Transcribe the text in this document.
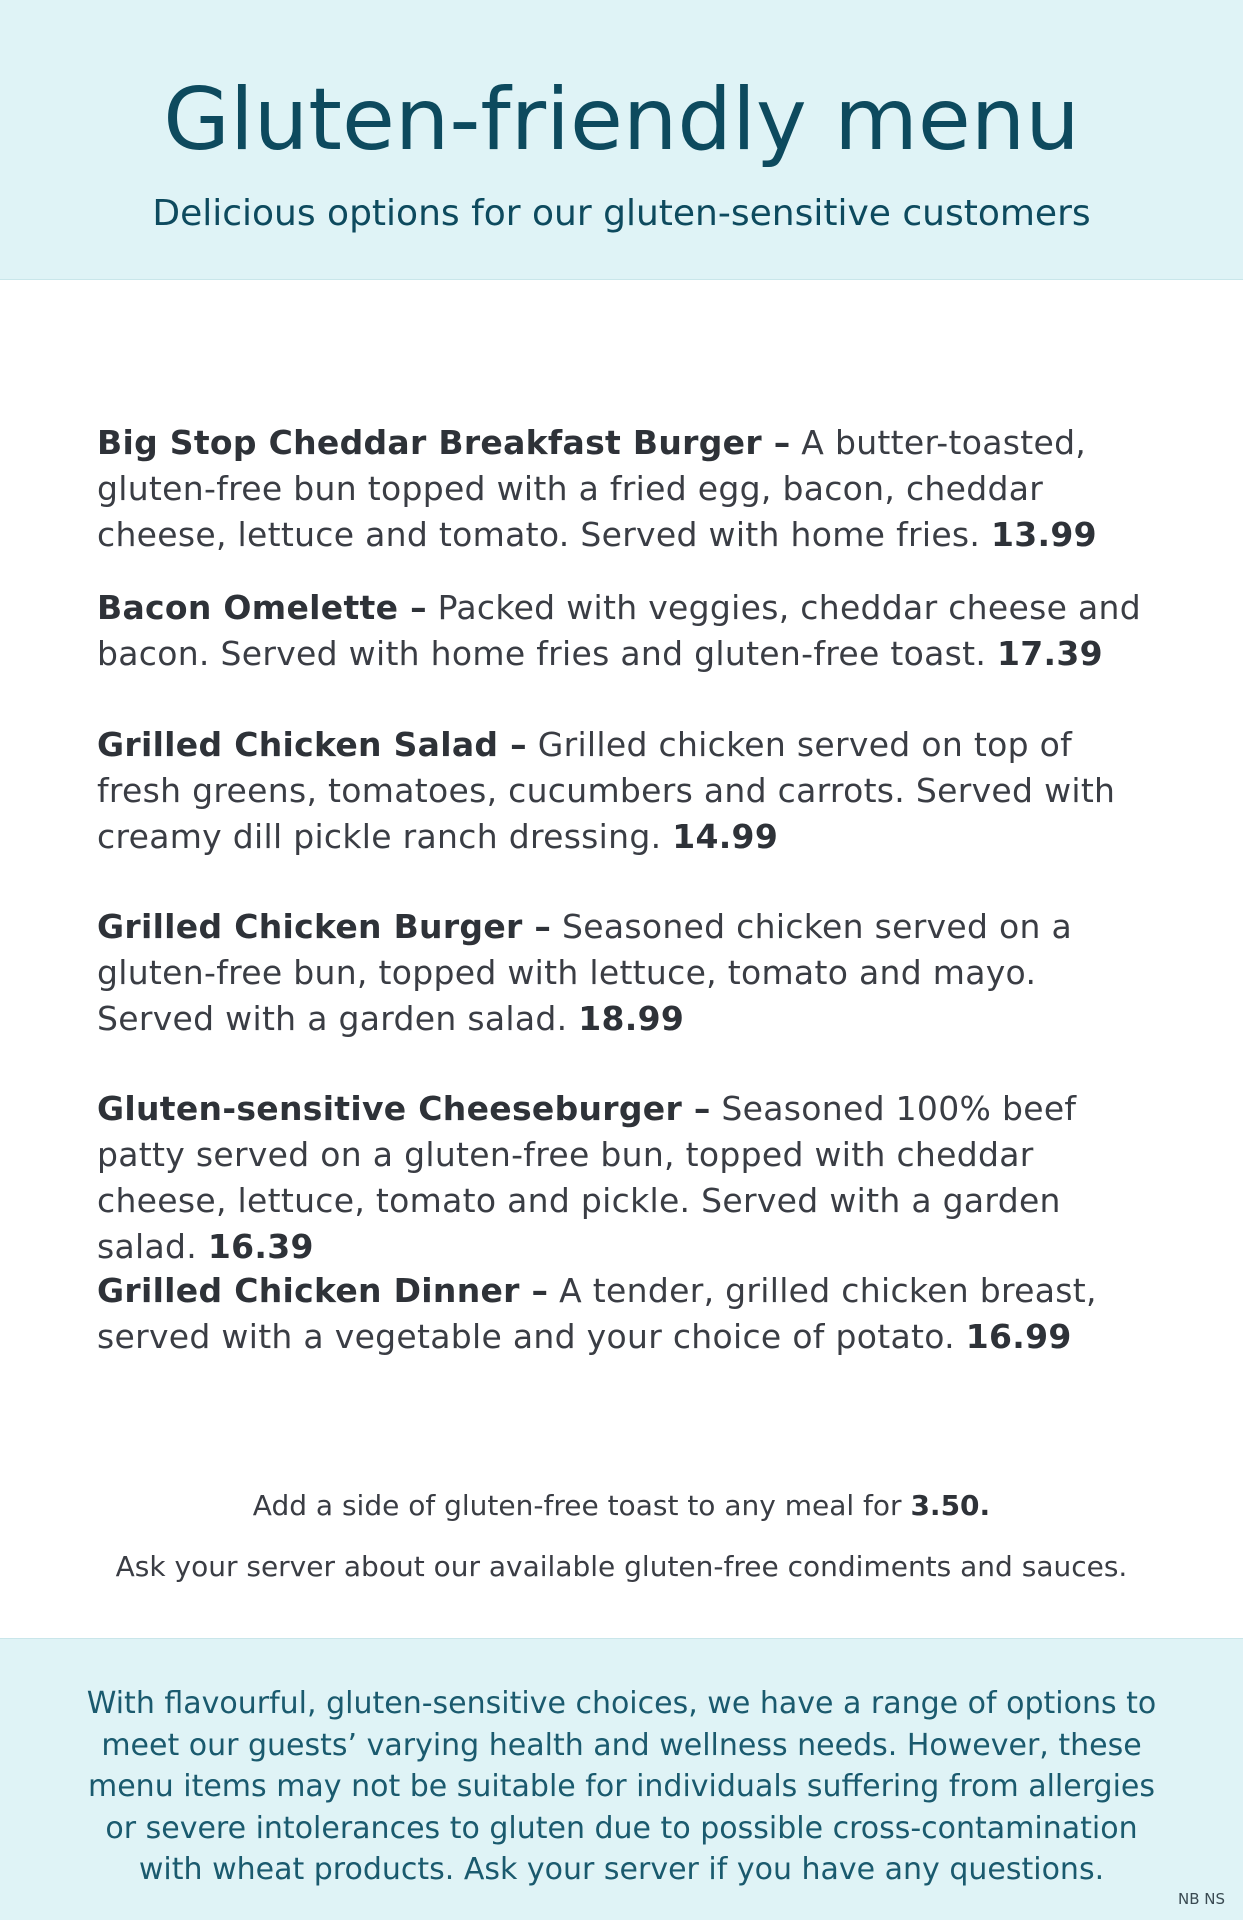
Gluten-friendly menu

Delicious options for our gluten-sensitive customers

Big Stop Cheddar Breakfast Burger – A butter-toasted, gluten-free bun topped with a fried egg, bacon, cheddar cheese, lettuce and tomato. Served with home fries. 13.99

Bacon Omelette – Packed with veggies, cheddar cheese and bacon. Served with home fries and gluten-free toast. 17.39

Grilled Chicken Salad – Grilled chicken served on top of fresh greens, tomatoes, cucumbers and carrots. Served with creamy dill pickle ranch dressing. 14.99

Grilled Chicken Burger – Seasoned chicken served on a gluten-free bun, topped with lettuce, tomato and mayo. Served with a garden salad. 18.99

Gluten-sensitive Cheeseburger – Seasoned 100% beef patty served on a gluten-free bun, topped with cheddar cheese, lettuce, tomato and pickle. Served with a garden salad. 16.39

Grilled Chicken Dinner – A tender, grilled chicken breast, served with a vegetable and your choice of potato. 16.99

Add a side of gluten-free toast to any meal for 3.50.

Ask your server about our available gluten-free condiments and sauces.

With flavourful, gluten-sensitive choices, we have a range of options to meet our guests’ varying health and wellness needs. However, these menu items may not be suitable for individuals suffering from allergies or severe intolerances to gluten due to possible cross-contamination with wheat products. Ask your server if you have any questions.

NB NS
